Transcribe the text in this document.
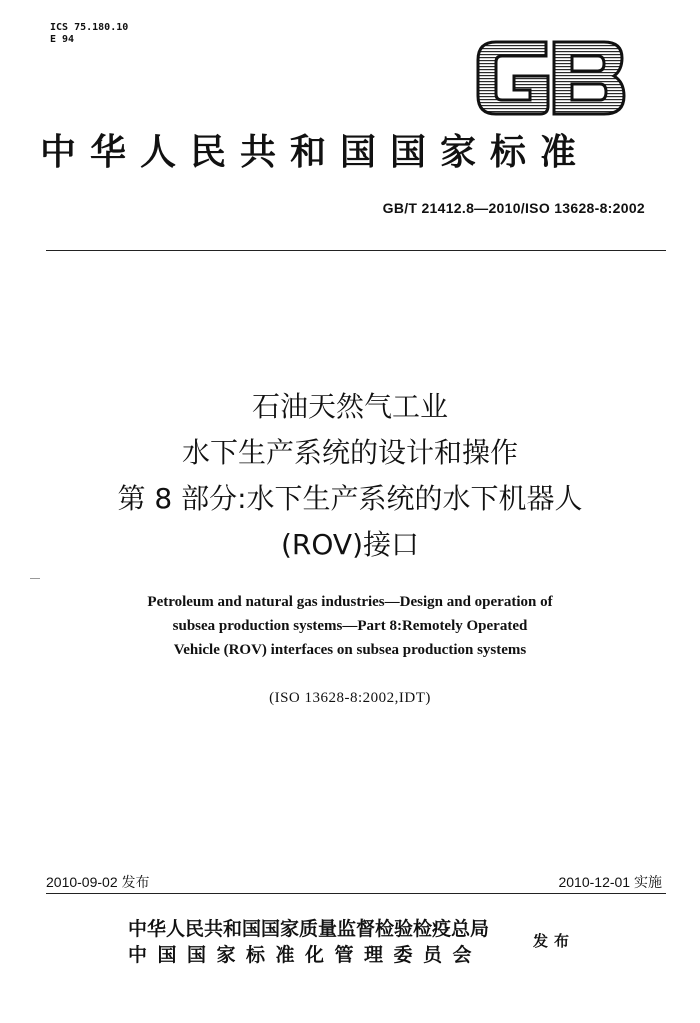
ICS 75.180.10
E 94
中华人民共和国国家标准
GB/T 21412.8—2010/ISO 13628-8:2002
石油天然气工业
水下生产系统的设计和操作
第 8 部分:水下生产系统的水下机器人
(ROV)接口
Petroleum and natural gas industries—Design and operation of
subsea production systems—Part 8:Remotely Operated
Vehicle (ROV) interfaces on subsea production systems
(ISO 13628-8:2002,IDT)
2010-09-02 发布	2010-12-01 实施
中华人民共和国国家质量监督检验检疫总局
中国国家标准化管理委员会
发布
